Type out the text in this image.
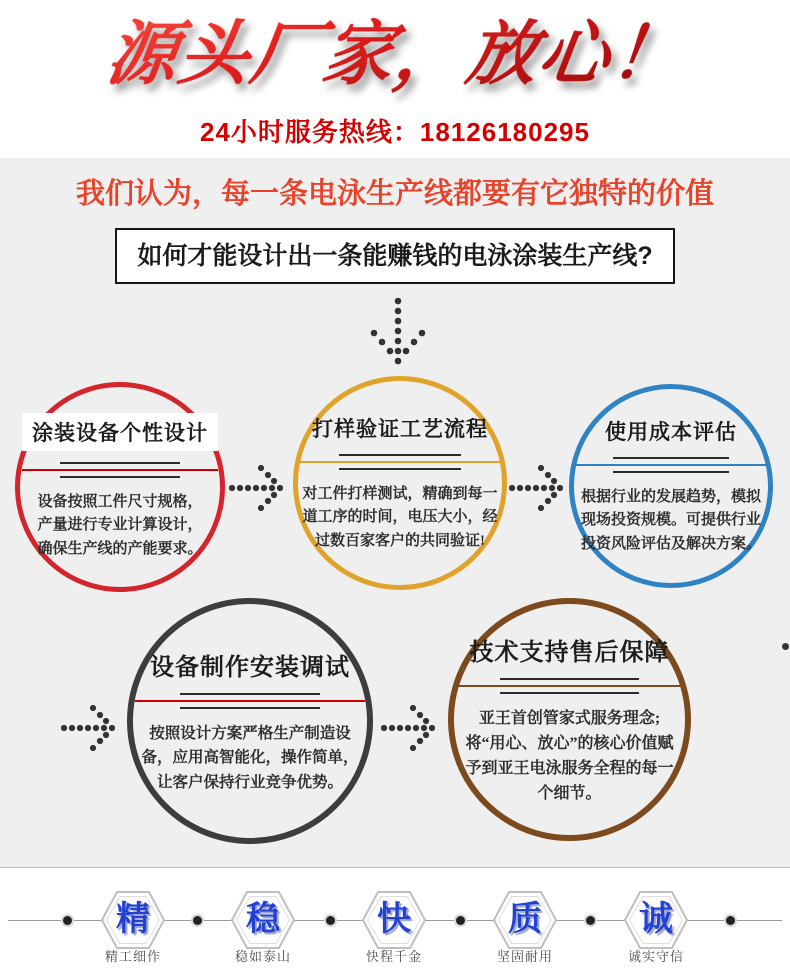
源头厂家，放心！
24小时服务热线：18126180295
我们认为，每一条电泳生产线都要有它独特的价值
如何才能设计出一条能赚钱的电泳涂装生产线?
涂装设备个性设计

设备按照工件尺寸规格，产量进行专业计算设计，确保生产线的产能要求。

打样验证工艺流程

对工件打样测试，精确到每一道工序的时间，电压大小，经过数百家客户的共同验证!

使用成本评估

根据行业的发展趋势，模拟现场投资规模。可提供行业投资风险评估及解决方案。

设备制作安装调试

按照设计方案严格生产制造设备，应用高智能化，操作简单，让客户保持行业竞争优势。

技术支持售后保障

亚王首创管家式服务理念;将“用心、放心”的核心价值赋予到亚王电泳服务全程的每一个细节。

精	稳	快	质	诚
精工细作	稳如泰山	快程千金	坚固耐用	诚实守信
